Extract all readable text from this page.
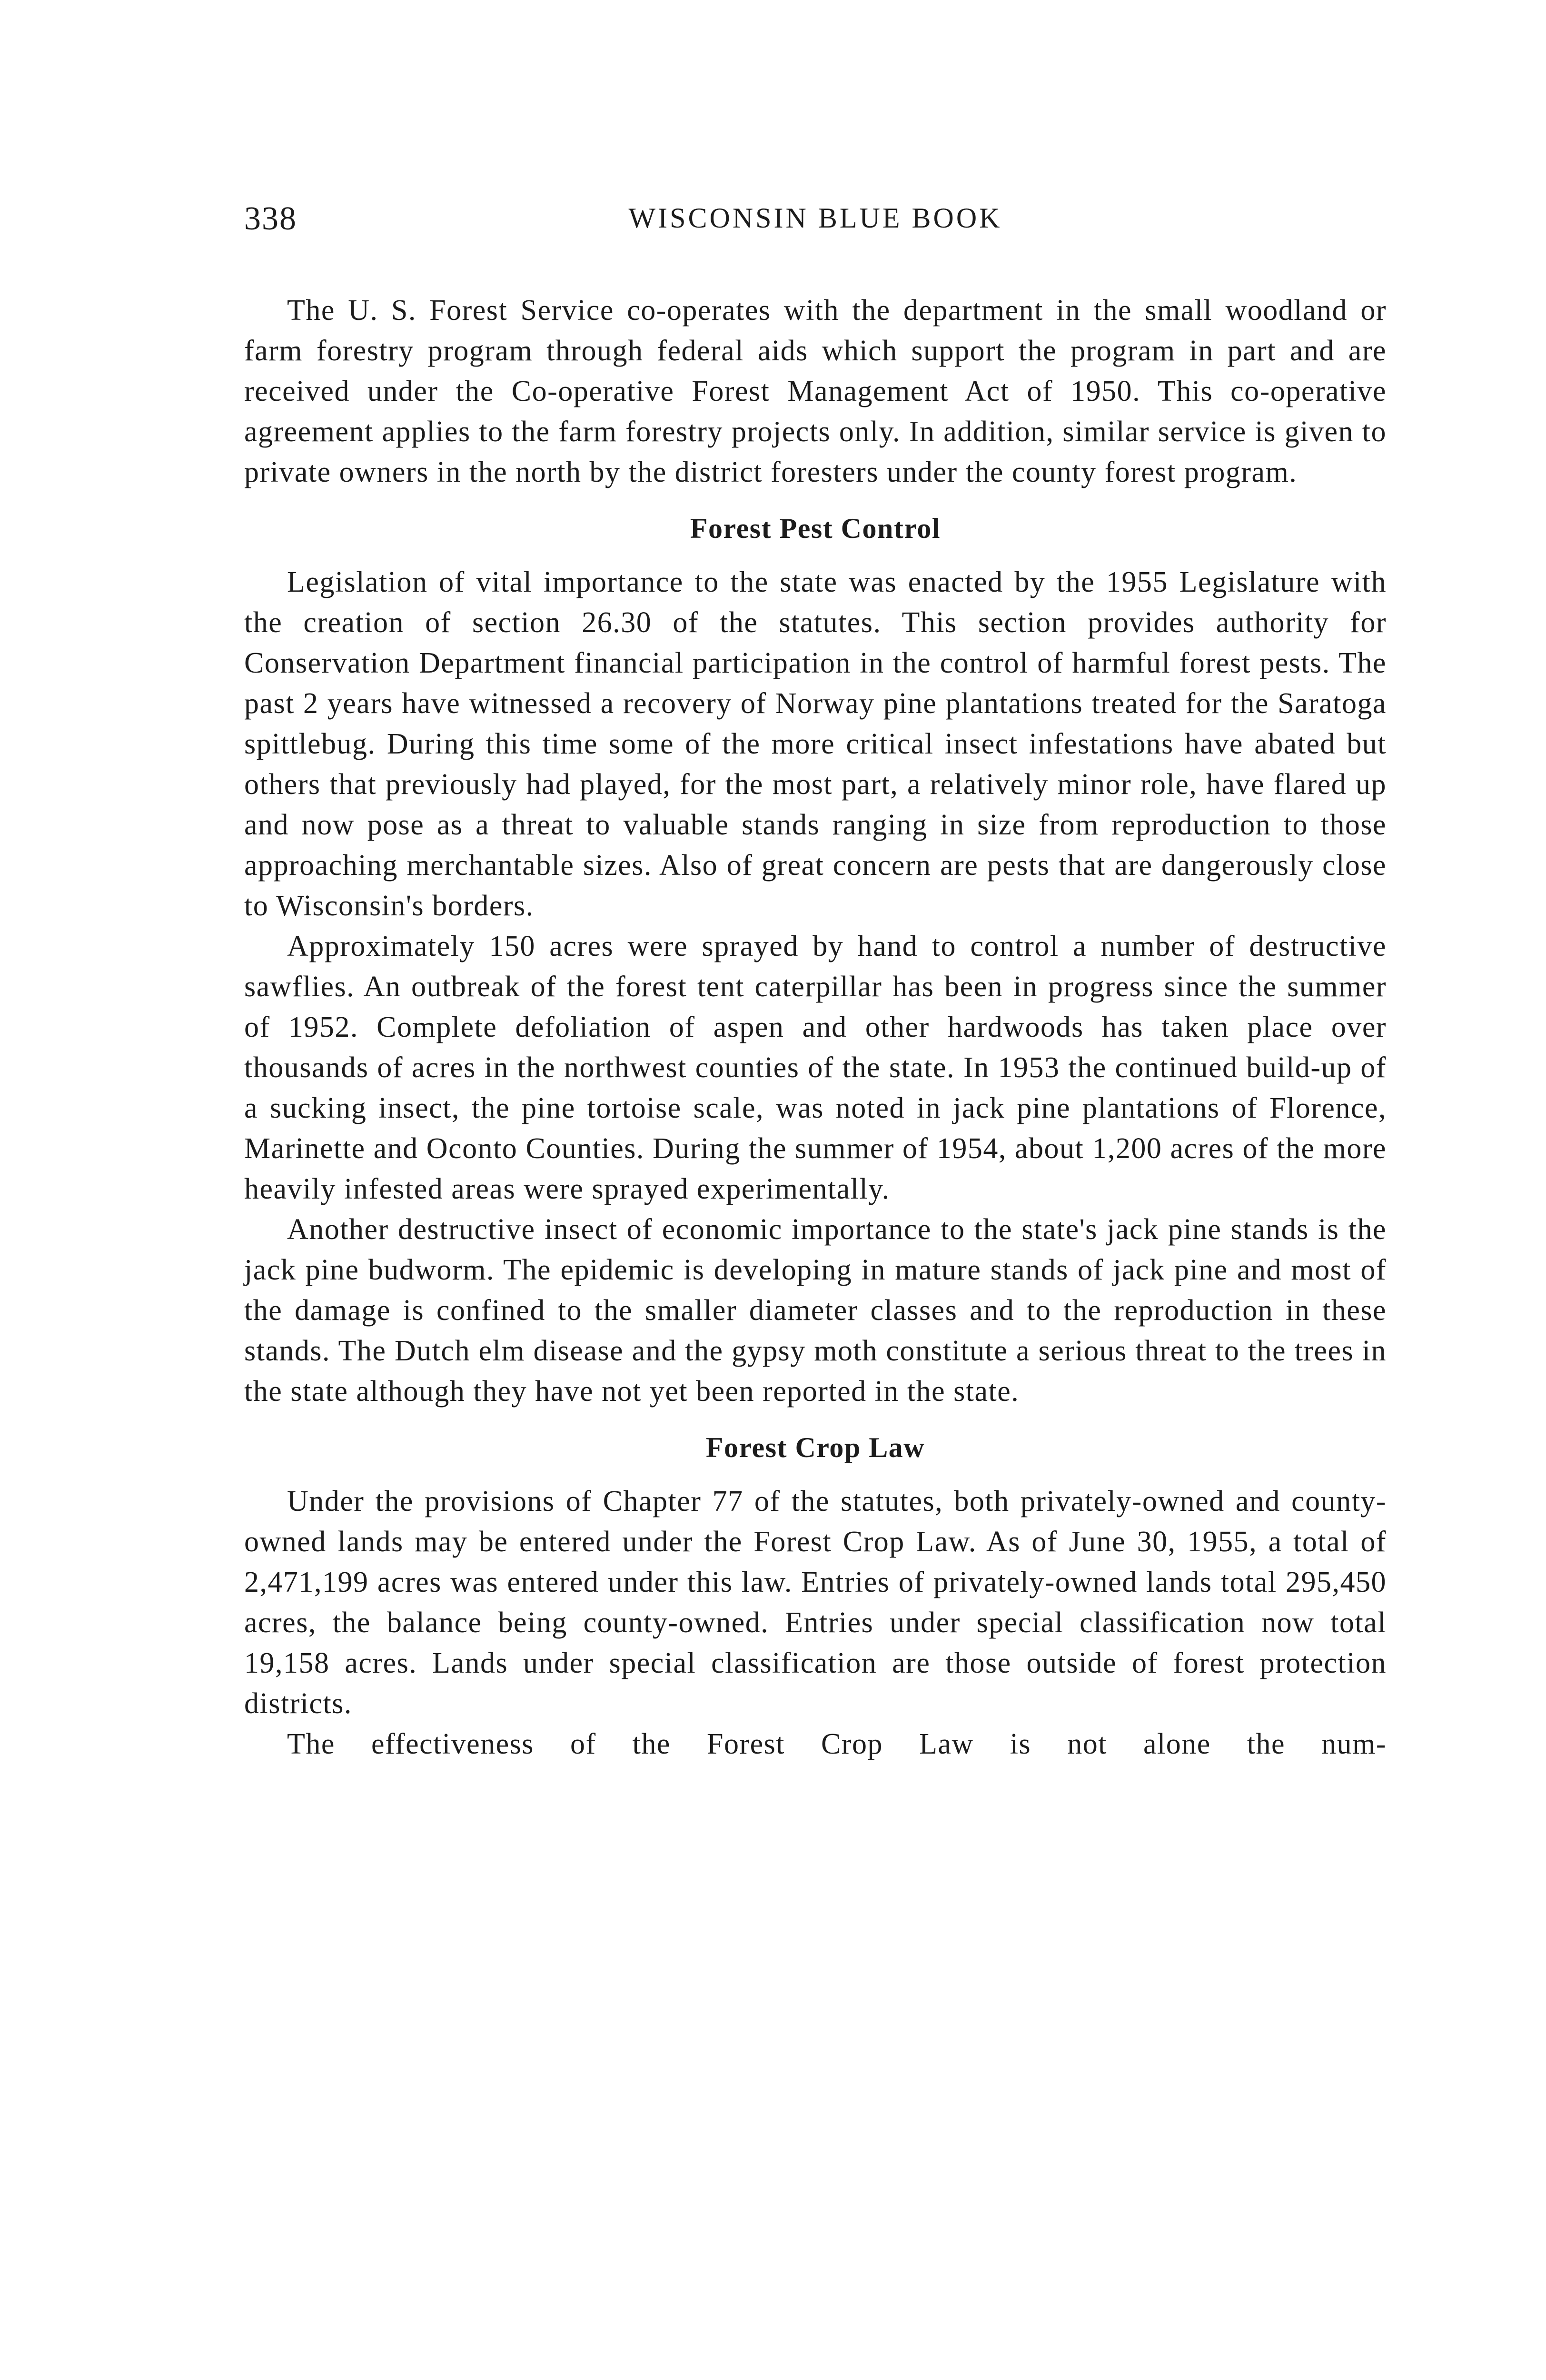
338	WISCONSIN BLUE BOOK

The U. S. Forest Service co-operates with the department in the small woodland or farm forestry program through federal aids which support the program in part and are received under the Co-operative Forest Management Act of 1950. This co-operative agreement applies to the farm forestry projects only. In addition, similar service is given to private owners in the north by the district foresters under the county forest program.

Forest Pest Control

Legislation of vital importance to the state was enacted by the 1955 Legislature with the creation of section 26.30 of the statutes. This section provides authority for Conservation Department financial participation in the control of harmful forest pests. The past 2 years have witnessed a recovery of Norway pine plantations treated for the Saratoga spittlebug. During this time some of the more critical insect infestations have abated but others that previously had played, for the most part, a relatively minor role, have flared up and now pose as a threat to valuable stands ranging in size from reproduction to those approaching merchantable sizes. Also of great concern are pests that are dangerously close to Wisconsin's borders.

Approximately 150 acres were sprayed by hand to control a number of destructive sawflies. An outbreak of the forest tent caterpillar has been in progress since the summer of 1952. Complete defoliation of aspen and other hardwoods has taken place over thousands of acres in the northwest counties of the state. In 1953 the continued build-up of a sucking insect, the pine tortoise scale, was noted in jack pine plantations of Florence, Marinette and Oconto Counties. During the summer of 1954, about 1,200 acres of the more heavily infested areas were sprayed experimentally.

Another destructive insect of economic importance to the state's jack pine stands is the jack pine budworm. The epidemic is developing in mature stands of jack pine and most of the damage is confined to the smaller diameter classes and to the reproduction in these stands. The Dutch elm disease and the gypsy moth constitute a serious threat to the trees in the state although they have not yet been reported in the state.

Forest Crop Law

Under the provisions of Chapter 77 of the statutes, both privately-owned and county-owned lands may be entered under the Forest Crop Law. As of June 30, 1955, a total of 2,471,199 acres was entered under this law. Entries of privately-owned lands total 295,450 acres, the balance being county-owned. Entries under special classification now total 19,158 acres. Lands under special classification are those outside of forest protection districts.

The effectiveness of the Forest Crop Law is not alone the num-
